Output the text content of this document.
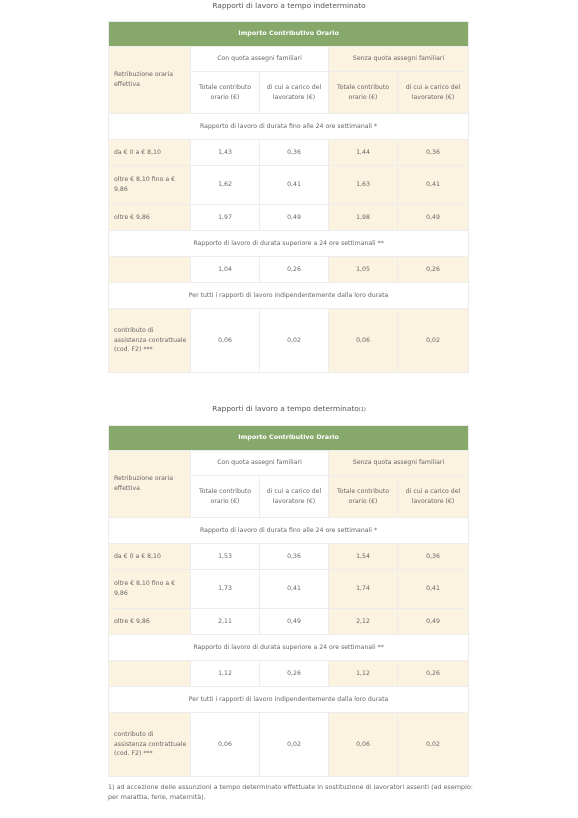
Rapporti di lavoro a tempo indeterminato
Importo Contributivo Orario				
Retribuzione oraria effettiva	Con quota assegni familiari		Senza quota assegni familiari	
	Totale contributo orario (€)	di cui a carico del lavoratore (€)	Totale contributo orario (€)	di cui a carico del lavoratore (€)
Rapporto di lavoro di durata fino alle 24 ore settimanali *				
da € 0 a € 8,10	1,43	0,36	1,44	0,36
oltre € 8,10 fino a € 9,86	1,62	0,41	1,63	0,41
oltre € 9,86	1,97	0,49	1,98	0,49
Rapporto di lavoro di durata superiore a 24 ore settimanali **				
	1,04	0,26	1,05	0,26
Per tutti i rapporti di lavoro indipendentemente dalla loro durata				
contributo di assistenza contrattuale (cod. F2) ***	0,06	0,02	0,06	0,02
Rapporti di lavoro a tempo determinato(1)
Importo Contributivo Orario				
Retribuzione oraria effettiva	Con quota assegni familiari		Senza quota assegni familiari	
	Totale contributo orario (€)	di cui a carico del lavoratore (€)	Totale contributo orario (€)	di cui a carico del lavoratore (€)
Rapporto di lavoro di durata fino alle 24 ore settimanali *				
da € 0 a € 8,10	1,53	0,36	1,54	0,36
oltre € 8,10 fino a € 9,86	1,73	0,41	1,74	0,41
oltre € 9,86	2,11	0,49	2,12	0,49
Rapporto di lavoro di durata superiore a 24 ore settimanali **				
	1,12	0,26	1,12	0,26
Per tutti i rapporti di lavoro indipendentemente dalla loro durata				
contributo di assistenza contrattuale (cod. F2) ***	0,06	0,02	0,06	0,02
1) ad accezione delle assunzioni a tempo determinato effettuate in sostituzione di lavoratori assenti (ad esempio: per malattia, ferie, maternità).
